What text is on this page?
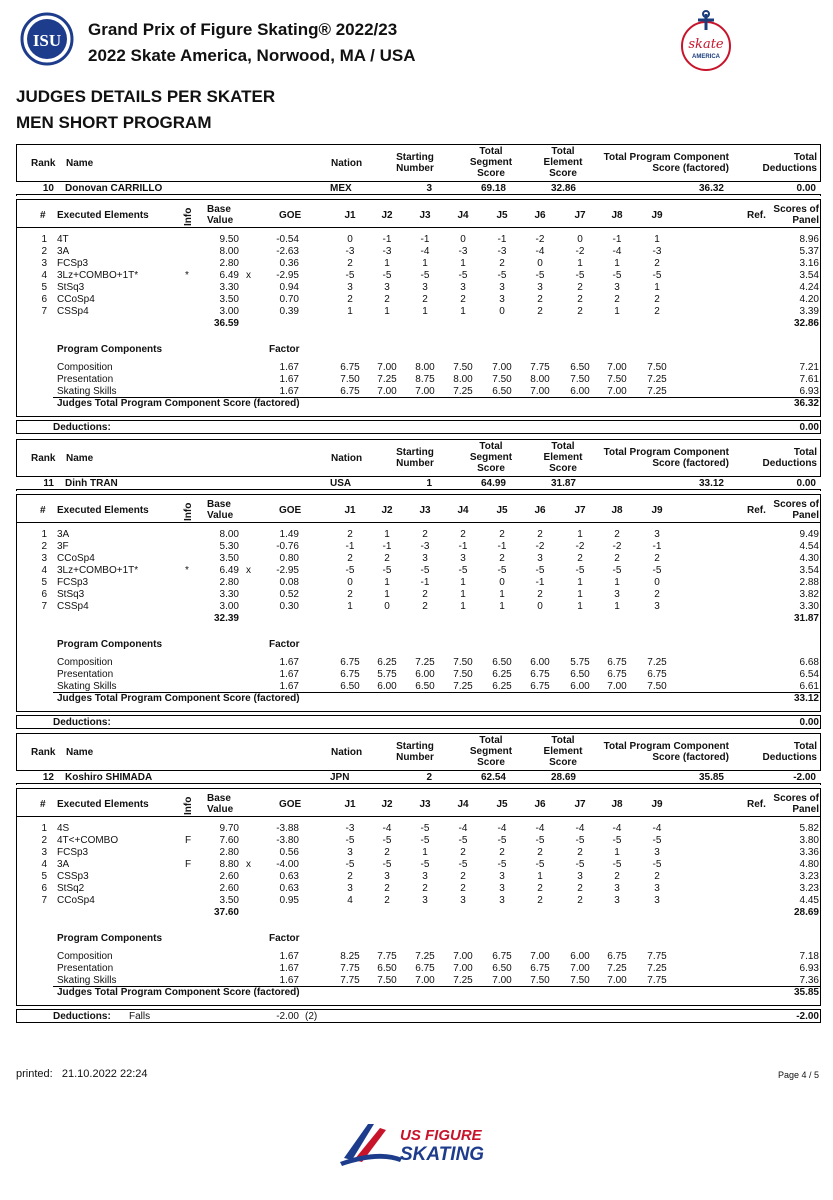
ISU
Grand Prix of Figure Skating® 2022/23
2022 Skate America, Norwood, MA / USA
skate
AMERICA
JUDGES DETAILS PER SKATER
MEN SHORT PROGRAM
Rank Name	Nation
Starting
Number
Total
Segment
Score
Total
Element
Score
Total Program Component
Score (factored)
Total
Deductions
10 Donovan CARRILLO	MEX	3	69.18	32.86	36.32	0.00
# Executed Elements	Info Base
Value	GOE	J1	J2	J3	J4	J5	J6	J7	J8	J9	Ref.
Scores of
Panel
1 4T	9.50	-0.54	0	-1	-1	0	-1	-2	0	-1	1	8.96
2 3A	8.00	-2.63	-3	-3	-4	-3	-3	-4	-2	-4	-3	5.37
3 FCSp3	2.80	0.36	2	1	1	1	2	0	1	1	2	3.16
4 3Lz+COMBO+1T*	*	6.49 x	-2.95	-5	-5	-5	-5	-5	-5	-5	-5	-5	3.54
5 StSq3	3.30	0.94	3	3	3	3	3	3	2	3	1	4.24
6 CCoSp4	3.50	0.70	2	2	2	2	3	2	2	2	2	4.20
7 CSSp4	3.00	0.39	1	1	1	1	0	2	2	1	2	3.39
36.59	32.86
Program Components	Factor
Composition	1.67	6.75	7.00	8.00	7.50	7.00	7.75	6.50	7.00	7.50	7.21
Presentation	1.67	7.50	7.25	8.75	8.00	7.50	8.00	7.50	7.50	7.25	7.61
Skating Skills	1.67	6.75	7.00	7.00	7.25	6.50	7.00	6.00	7.00	7.25	6.93
Judges Total Program Component Score (factored)	36.32
Deductions:	0.00
Rank Name	Nation
Starting
Number
Total
Segment
Score
Total
Element
Score
Total Program Component
Score (factored)
Total
Deductions
11 Dinh TRAN	USA	1	64.99	31.87	33.12	0.00
# Executed Elements	Info Base
Value	GOE	J1	J2	J3	J4	J5	J6	J7	J8	J9	Ref.
Scores of
Panel
1 3A	8.00	1.49	2	1	2	2	2	2	1	2	3	9.49
2 3F	5.30	-0.76	-1	-1	-3	-1	-1	-2	-2	-2	-1	4.54
3 CCoSp4	3.50	0.80	2	2	3	3	2	3	2	2	2	4.30
4 3Lz+COMBO+1T*	*	6.49 x	-2.95	-5	-5	-5	-5	-5	-5	-5	-5	-5	3.54
5 FCSp3	2.80	0.08	0	1	-1	1	0	-1	1	1	0	2.88
6 StSq3	3.30	0.52	2	1	2	1	1	2	1	3	2	3.82
7 CSSp4	3.00	0.30	1	0	2	1	1	0	1	1	3	3.30
32.39	31.87
Program Components	Factor
Composition	1.67	6.75	6.25	7.25	7.50	6.50	6.00	5.75	6.75	7.25	6.68
Presentation	1.67	6.75	5.75	6.00	7.50	6.25	6.75	6.50	6.75	6.75	6.54
Skating Skills	1.67	6.50	6.00	6.50	7.25	6.25	6.75	6.00	7.00	7.50	6.61
Judges Total Program Component Score (factored)	33.12
Deductions:	0.00
Rank Name	Nation
Starting
Number
Total
Segment
Score
Total
Element
Score
Total Program Component
Score (factored)
Total
Deductions
12 Koshiro SHIMADA	JPN	2	62.54	28.69	35.85	-2.00
# Executed Elements	Info Base
Value	GOE	J1	J2	J3	J4	J5	J6	J7	J8	J9	Ref.
Scores of
Panel
1 4S	9.70	-3.88	-3	-4	-5	-4	-4	-4	-4	-4	-4	5.82
2 4T<+COMBO	F	7.60	-3.80	-5	-5	-5	-5	-5	-5	-5	-5	-5	3.80
3 FCSp3	2.80	0.56	3	2	1	2	2	2	2	1	3	3.36
4 3A	F	8.80 x	-4.00	-5	-5	-5	-5	-5	-5	-5	-5	-5	4.80
5 CSSp3	2.60	0.63	2	3	3	2	3	1	3	2	2	3.23
6 StSq2	2.60	0.63	3	2	2	2	3	2	2	3	3	3.23
7 CCoSp4	3.50	0.95	4	2	3	3	3	2	2	3	3	4.45
37.60	28.69
Program Components	Factor
Composition	1.67	8.25	7.75	7.25	7.00	6.75	7.00	6.00	6.75	7.75	7.18
Presentation	1.67	7.75	6.50	6.75	7.00	6.50	6.75	7.00	7.25	7.25	6.93
Skating Skills	1.67	7.75	7.50	7.00	7.25	7.00	7.50	7.50	7.00	7.75	7.36
Judges Total Program Component Score (factored)	35.85
Deductions: Falls	-2.00 (2)	-2.00
printed: 21.10.2022 22:24	Page 4 / 5
US FIGURE
SKATING
